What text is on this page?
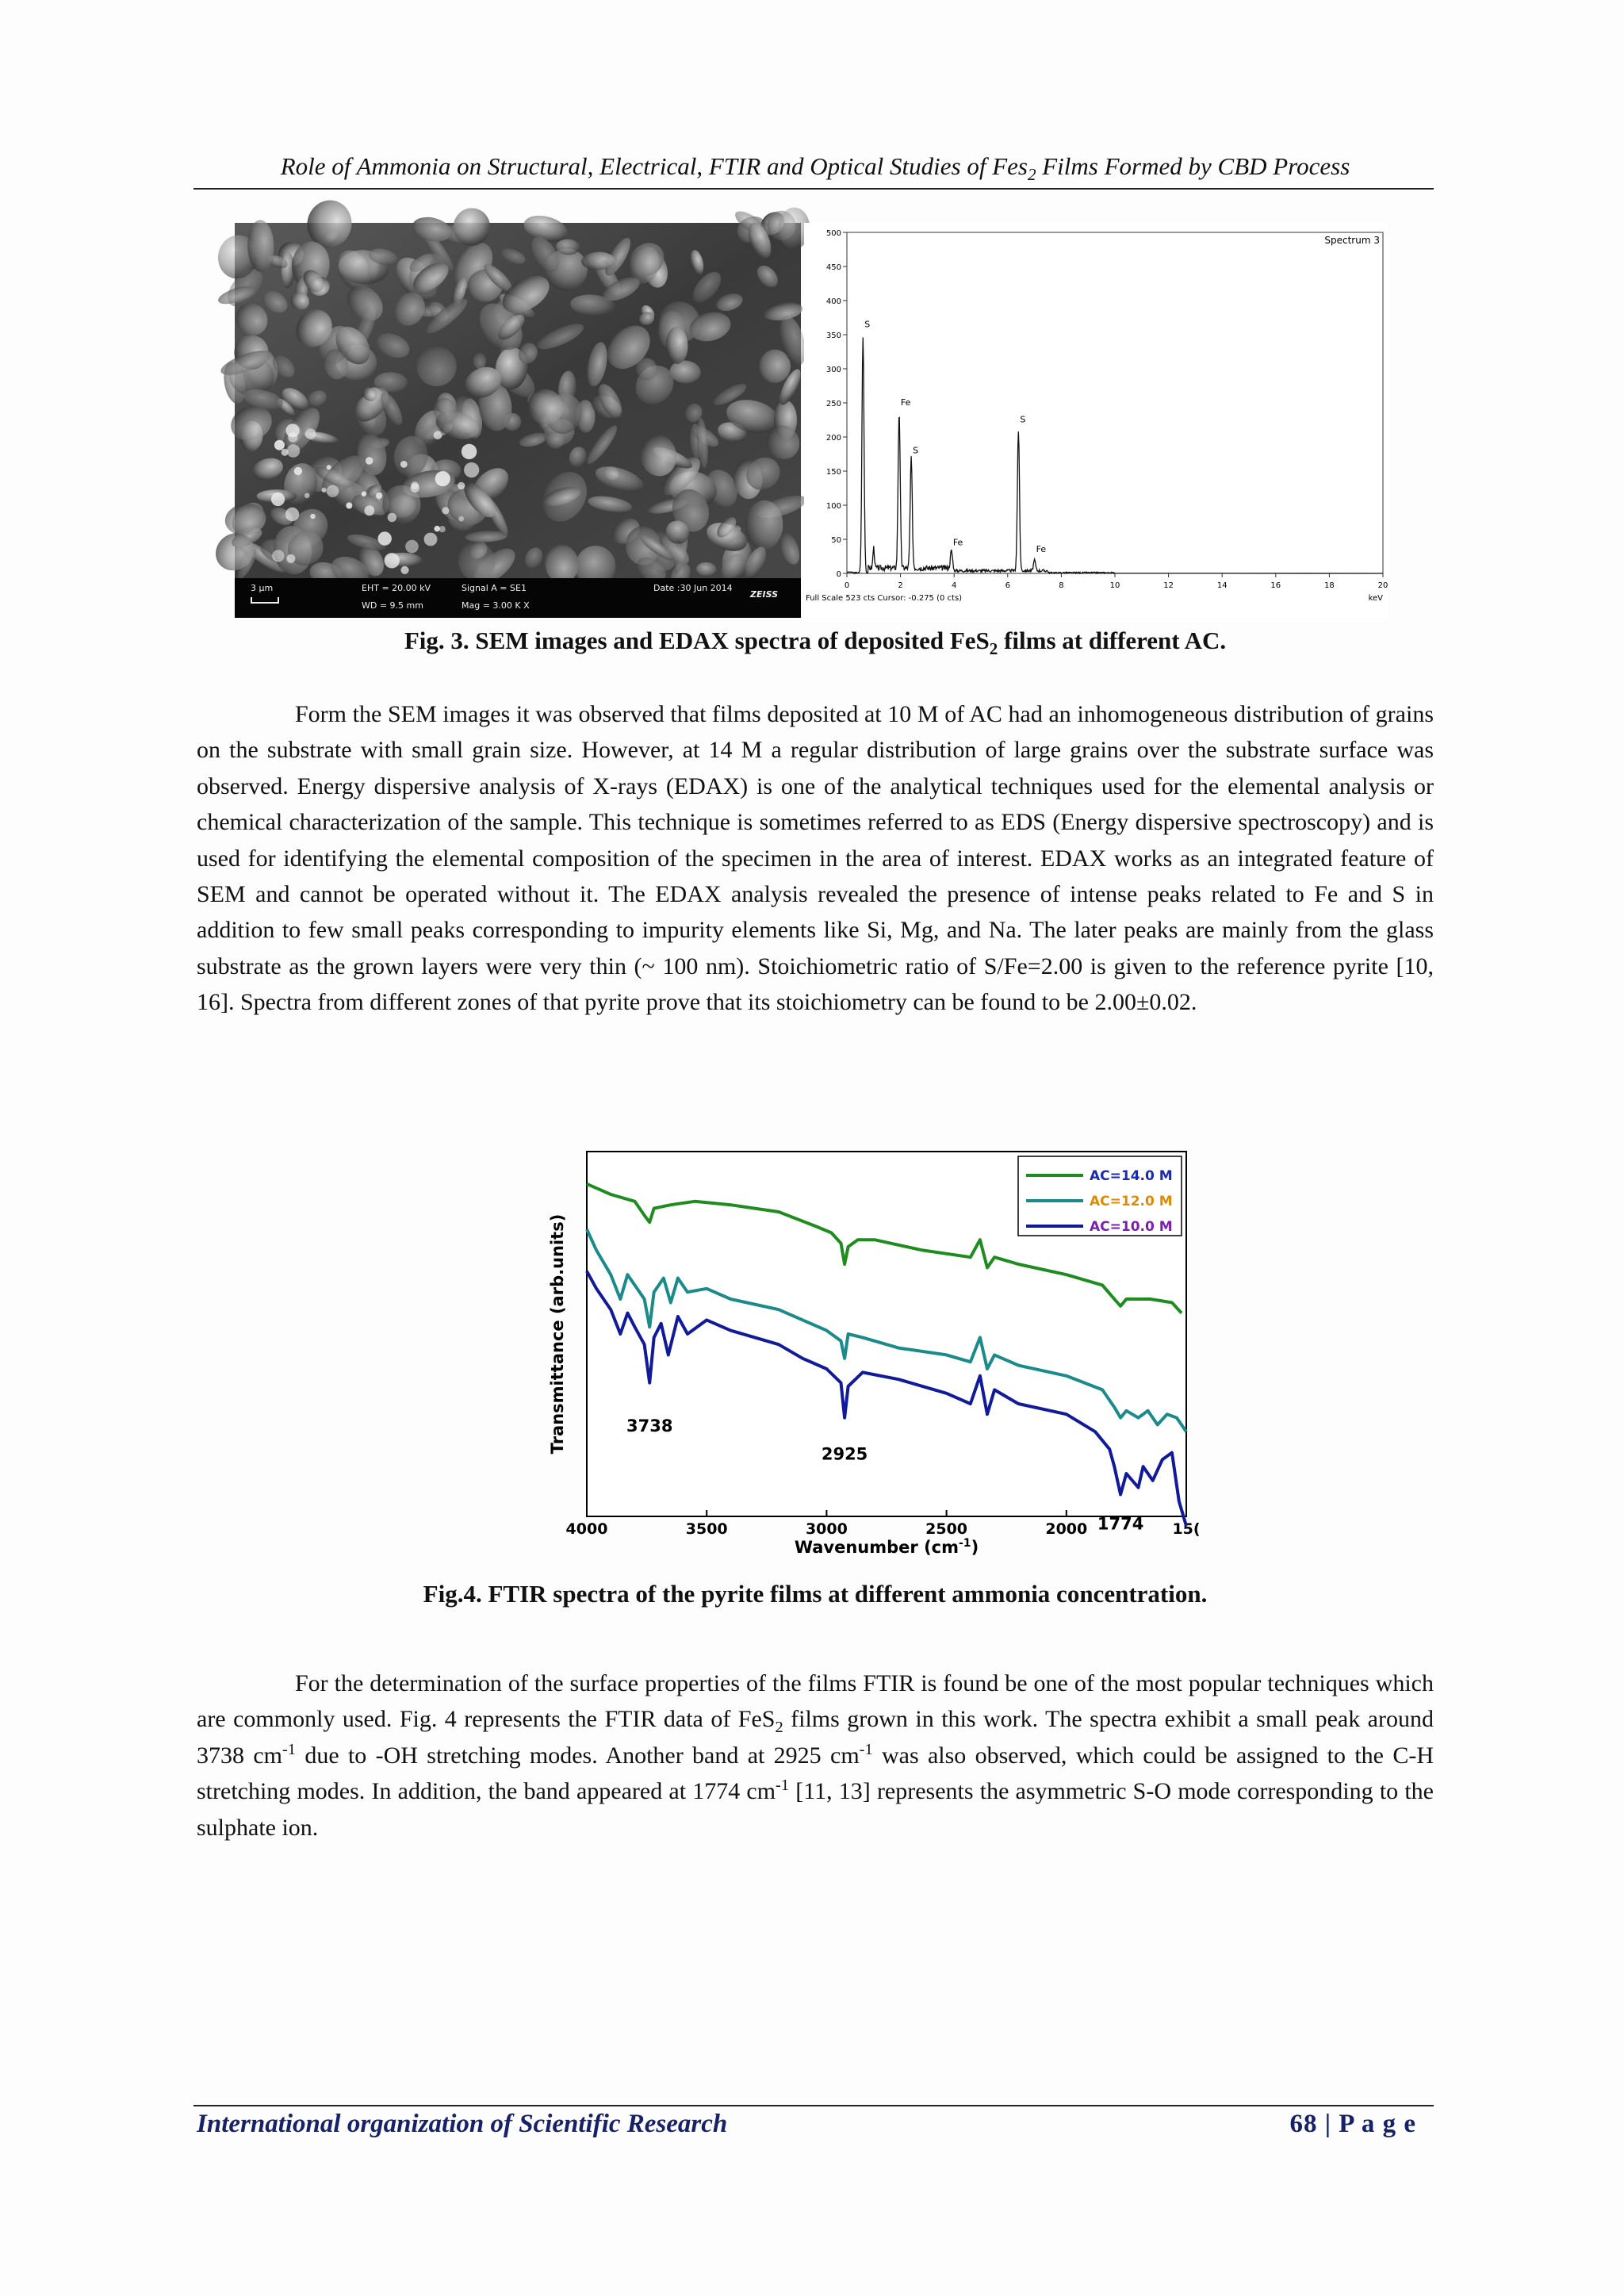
Role of Ammonia on Structural, Electrical, FTIR and Optical Studies of Fes$_2$ Films Formed by CBD Process
3 µm	EHT = 20.00 kV
WD = 9.5 mm
Signal A = SE1
Mag = 3.00 K X
Date :30 Jun 2014
ZEISS
Spectrum 3
0
50
100
150
200
250
300
350
400
450
500
0	2	4	6	8	10	12	14	16	18	20
keV
Full Scale 523 cts Cursor: -0.275 (0 cts)
S
Fe
S
Fe
S
Fe
Fig. 3. SEM images and EDAX spectra of deposited FeS$_2$ films at different AC.
Form the SEM images it was observed that films deposited at 10 M of AC had an inhomogeneous distribution of grains on the substrate with small grain size. However, at 14 M a regular distribution of large grains over the substrate surface was observed. Energy dispersive analysis of X-rays (EDAX) is one of the analytical techniques used for the elemental analysis or chemical characterization of the sample. This technique is sometimes referred to as EDS (Energy dispersive spectroscopy) and is used for identifying the elemental composition of the specimen in the area of interest. EDAX works as an integrated feature of SEM and cannot be operated without it. The EDAX analysis revealed the presence of intense peaks related to Fe and S in addition to few small peaks corresponding to impurity elements like Si, Mg, and Na. The later peaks are mainly from the glass substrate as the grown layers were very thin (~ 100 nm). Stoichiometric ratio of S/Fe=2.00 is given to the reference pyrite [10, 16]. Spectra from different zones of that pyrite prove that its stoichiometry can be found to be 2.00±0.02.
4000	3500	3000	2500	2000	15(
Wavenumber $(cm^{-1})$
Transmittance (arb.units)
AC=14.0 M
AC=12.0 M
AC=10.0 M
3738
2925
1774
Fig.4. FTIR spectra of the pyrite films at different ammonia concentration.
For the determination of the surface properties of the films FTIR is found be one of the most popular techniques which are commonly used. Fig. 4 represents the FTIR data of FeS$_2$ films grown in this work. The spectra exhibit a small peak around 3738 $cm^{-1}$ due to -OH stretching modes. Another band at 2925 $cm^{-1}$ was also observed, which could be assigned to the C-H stretching modes. In addition, the band appeared at 1774 $cm^{-1}$ [11, 13] represents the asymmetric S-O mode corresponding to the sulphate ion.
International organization of Scientific Research	68 | P a g e
